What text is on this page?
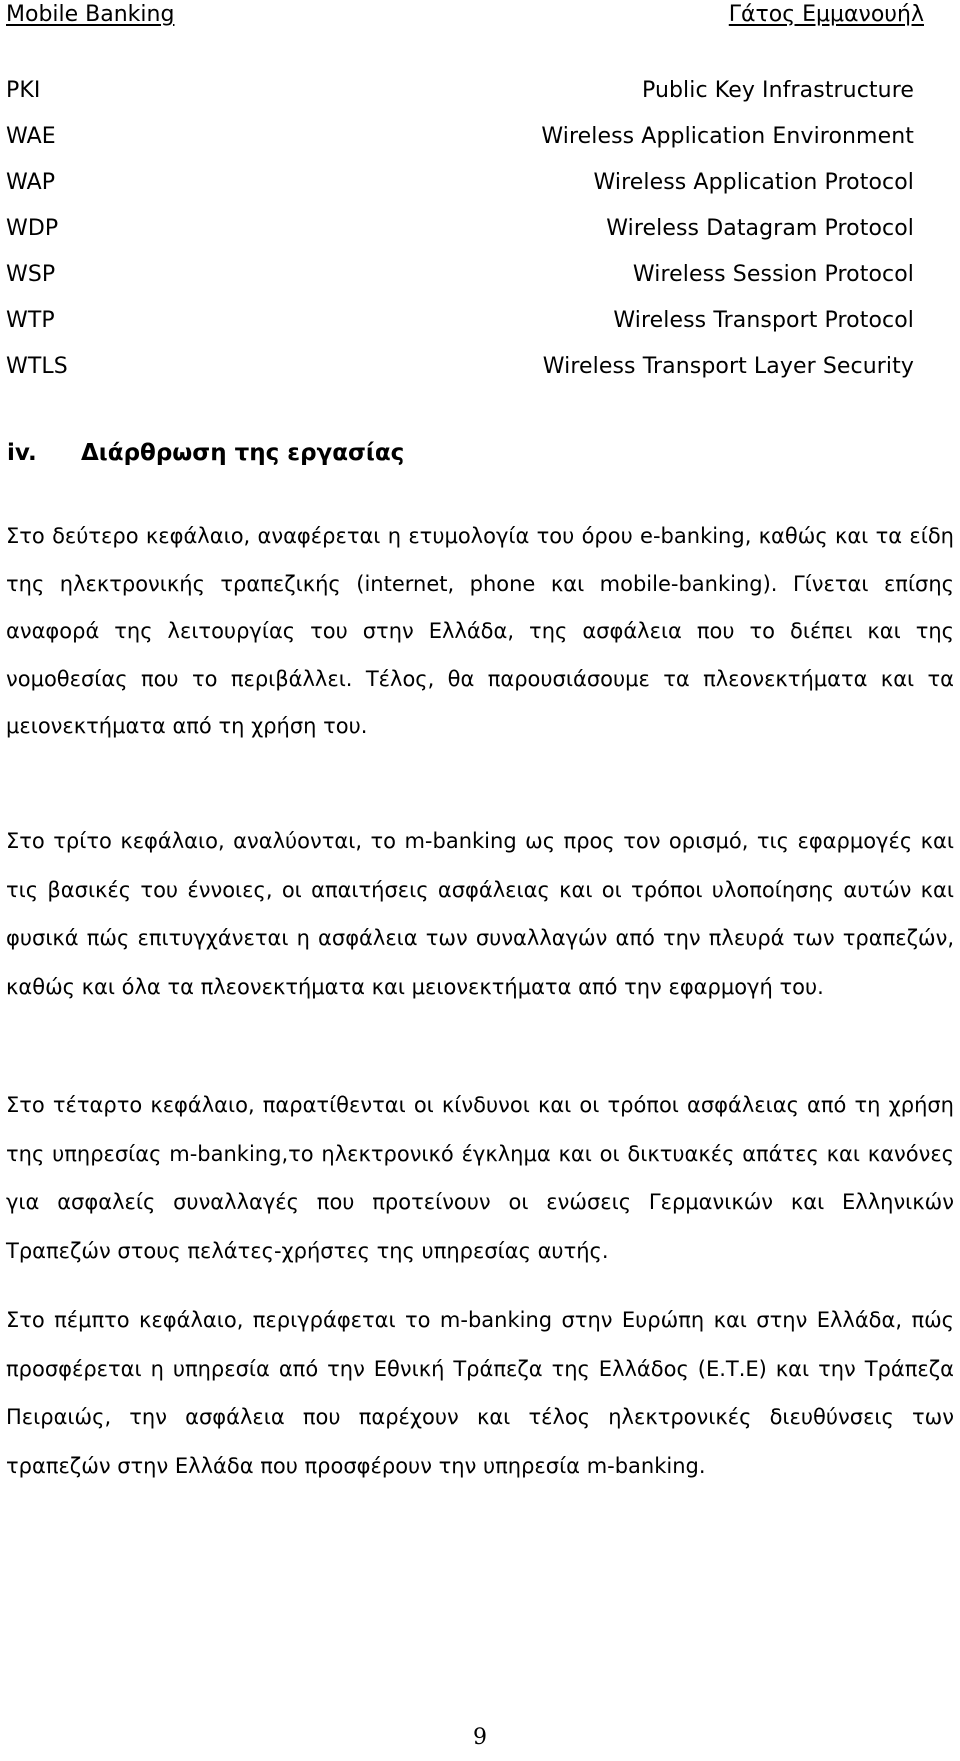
Mobile Banking	Γάτος Εμμανουήλ
PKI	Public Key Infrastructure
WAE	Wireless Application Environment
WAP	Wireless Application Protocol
WDP	Wireless Datagram Protocol
WSP	Wireless Session Protocol
WTP	Wireless Transport Protocol
WTLS	Wireless Transport Layer Security
iv. Διάρθρωση της εργασίας

Στο δεύτερο κεφάλαιο, αναφέρεται η ετυμολογία του όρου e-banking, καθώς και τα είδη της ηλεκτρονικής τραπεζικής (internet, phone και mobile-banking). Γίνεται επίσης αναφορά της λειτουργίας του στην Ελλάδα, της ασφάλεια που το διέπει και της νομοθεσίας που το περιβάλλει. Τέλος, θα παρουσιάσουμε τα πλεονεκτήματα και τα μειονεκτήματα από τη χρήση του.

Στο τρίτο κεφάλαιο, αναλύονται, το m-banking ως προς τον ορισμό, τις εφαρμογές και τις βασικές του έννοιες, οι απαιτήσεις ασφάλειας και οι τρόποι υλοποίησης αυτών και φυσικά πώς επιτυγχάνεται η ασφάλεια των συναλλαγών από την πλευρά των τραπεζών, καθώς και όλα τα πλεονεκτήματα και μειονεκτήματα από την εφαρμογή του.

Στο τέταρτο κεφάλαιο, παρατίθενται οι κίνδυνοι και οι τρόποι ασφάλειας από τη χρήση της υπηρεσίας m-banking,το ηλεκτρονικό έγκλημα και οι δικτυακές απάτες και κανόνες για ασφαλείς συναλλαγές που προτείνουν οι ενώσεις Γερμανικών και Ελληνικών Τραπεζών στους πελάτες-χρήστες της υπηρεσίας αυτής.

Στο πέμπτο κεφάλαιο, περιγράφεται το m-banking στην Ευρώπη και στην Ελλάδα, πώς προσφέρεται η υπηρεσία από την Εθνική Τράπεζα της Ελλάδος (Ε.Τ.Ε) και την Τράπεζα Πειραιώς, την ασφάλεια που παρέχουν και τέλος ηλεκτρονικές διευθύνσεις των τραπεζών στην Ελλάδα που προσφέρουν την υπηρεσία m-banking.

9
